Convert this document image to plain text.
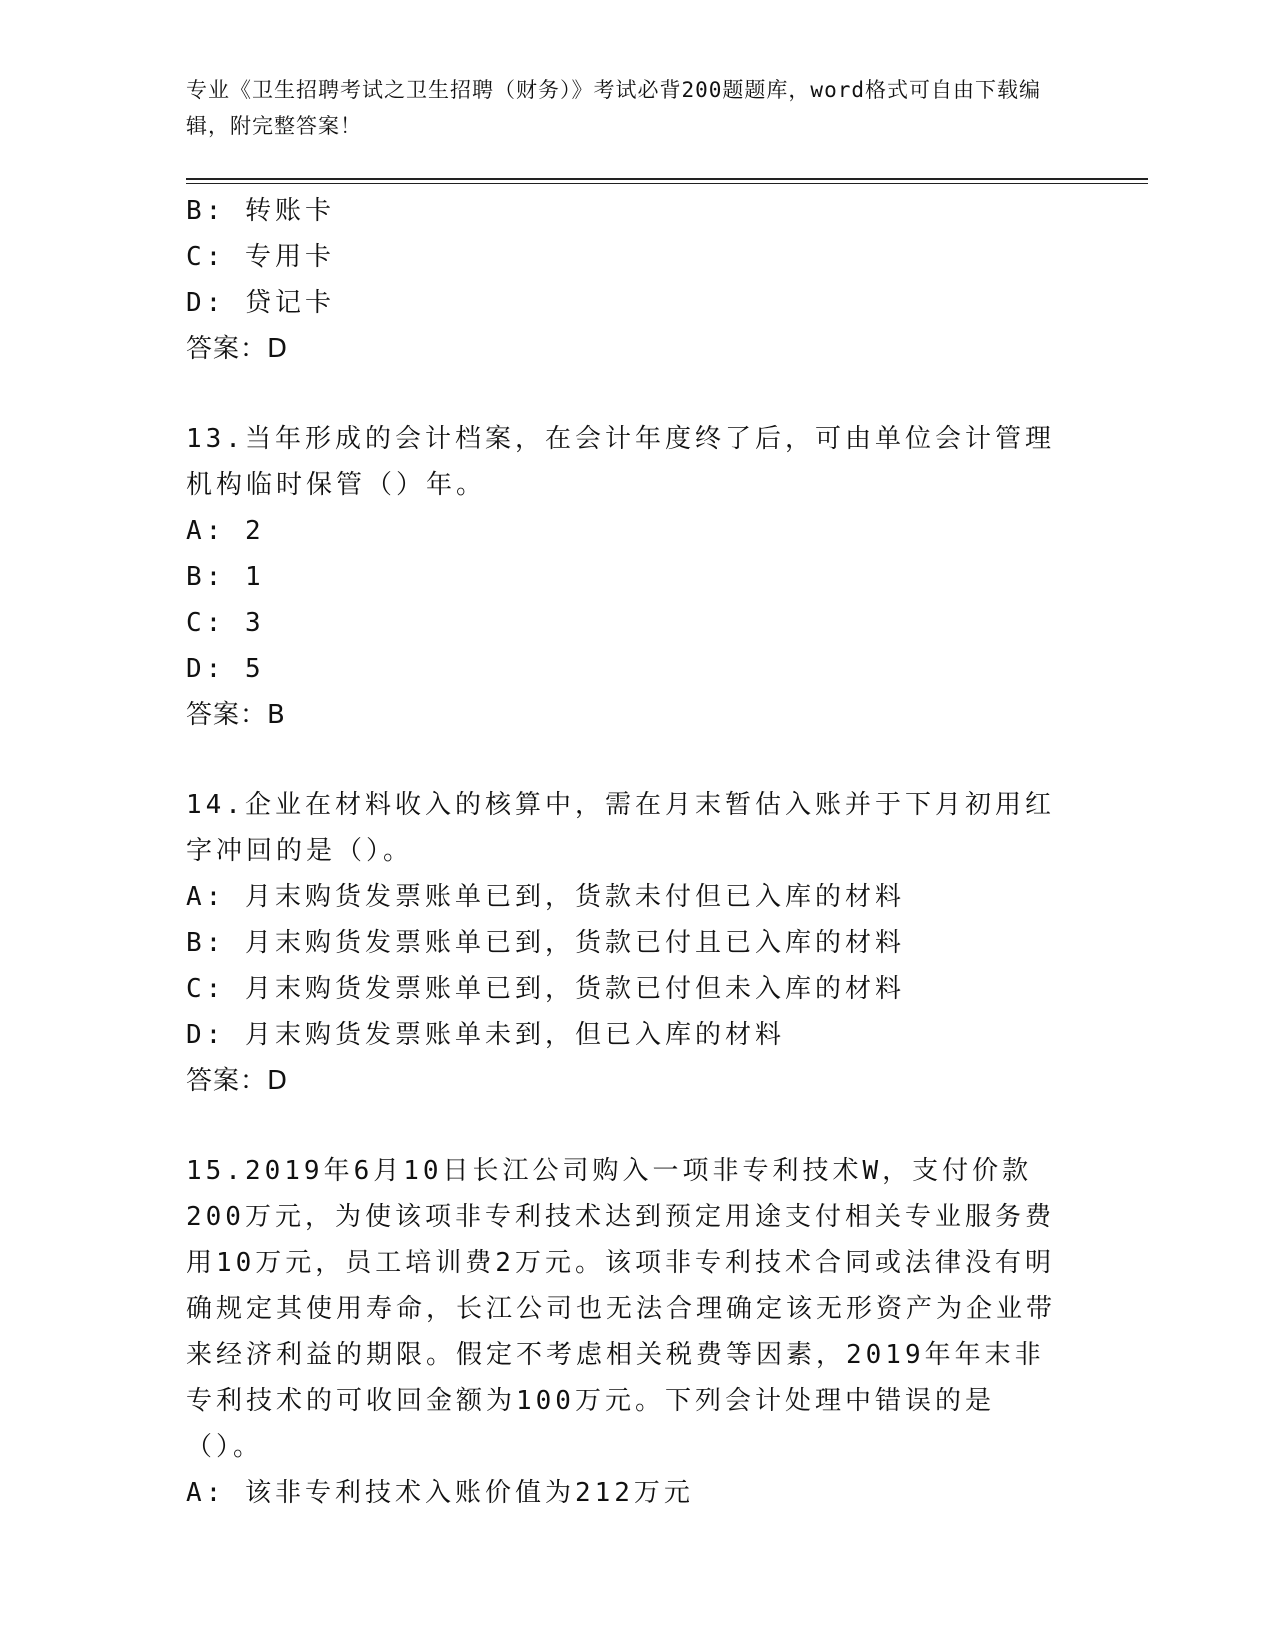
专业《卫生招聘考试之卫生招聘（财务）》考试必背200题题库，word格式可自由下载编辑，附完整答案！
B: 转账卡
C: 专用卡
D: 贷记卡
答案：D
13.当年形成的会计档案，在会计年度终了后，可由单位会计管理机构临时保管（）年。
A: 2
B: 1
C: 3
D: 5
答案：B
14.企业在材料收入的核算中，需在月末暂估入账并于下月初用红字冲回的是（）。
A: 月末购货发票账单已到，货款未付但已入库的材料
B: 月末购货发票账单已到，货款已付且已入库的材料
C: 月末购货发票账单已到，货款已付但未入库的材料
D: 月末购货发票账单未到，但已入库的材料
答案：D
15.2019年6月10日长江公司购入一项非专利技术W，支付价款200万元，为使该项非专利技术达到预定用途支付相关专业服务费用10万元，员工培训费2万元。该项非专利技术合同或法律没有明确规定其使用寿命，长江公司也无法合理确定该无形资产为企业带来经济利益的期限。假定不考虑相关税费等因素，2019年年末非专利技术的可收回金额为100万元。下列会计处理中错误的是（）。
A: 该非专利技术入账价值为212万元
